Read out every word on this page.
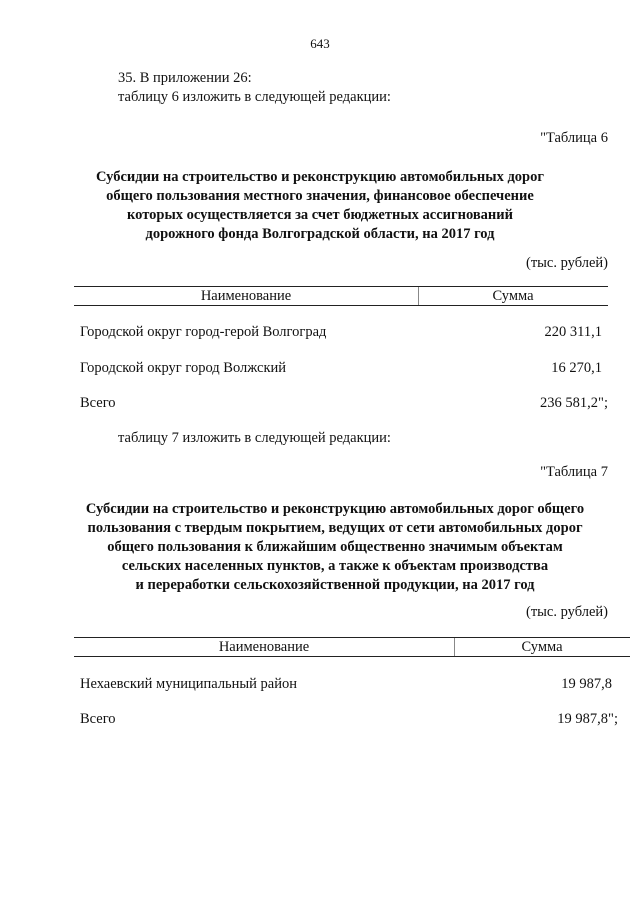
643
35. В приложении 26:
таблицу 6 изложить в следующей редакции:
"Таблица 6
Субсидии на строительство и реконструкцию автомобильных дорог
общего пользования местного значения, финансовое обеспечение
которых осуществляется за счет бюджетных ассигнований
дорожного фонда Волгоградской области, на 2017 год
(тыс. рублей)
Наименование	Сумма
Городской округ город-герой Волгоград	220 311,1
Городской округ город Волжский	16 270,1
Всего	236 581,2";
таблицу 7 изложить в следующей редакции:
"Таблица 7
Субсидии на строительство и реконструкцию автомобильных дорог общего
пользования с твердым покрытием, ведущих от сети автомобильных дорог
общего пользования к ближайшим общественно значимым объектам
сельских населенных пунктов, а также к объектам производства
и переработки сельскохозяйственной продукции, на 2017 год
(тыс. рублей)
Наименование	Сумма
Нехаевский муниципальный район	19 987,8
Всего	19 987,8";
